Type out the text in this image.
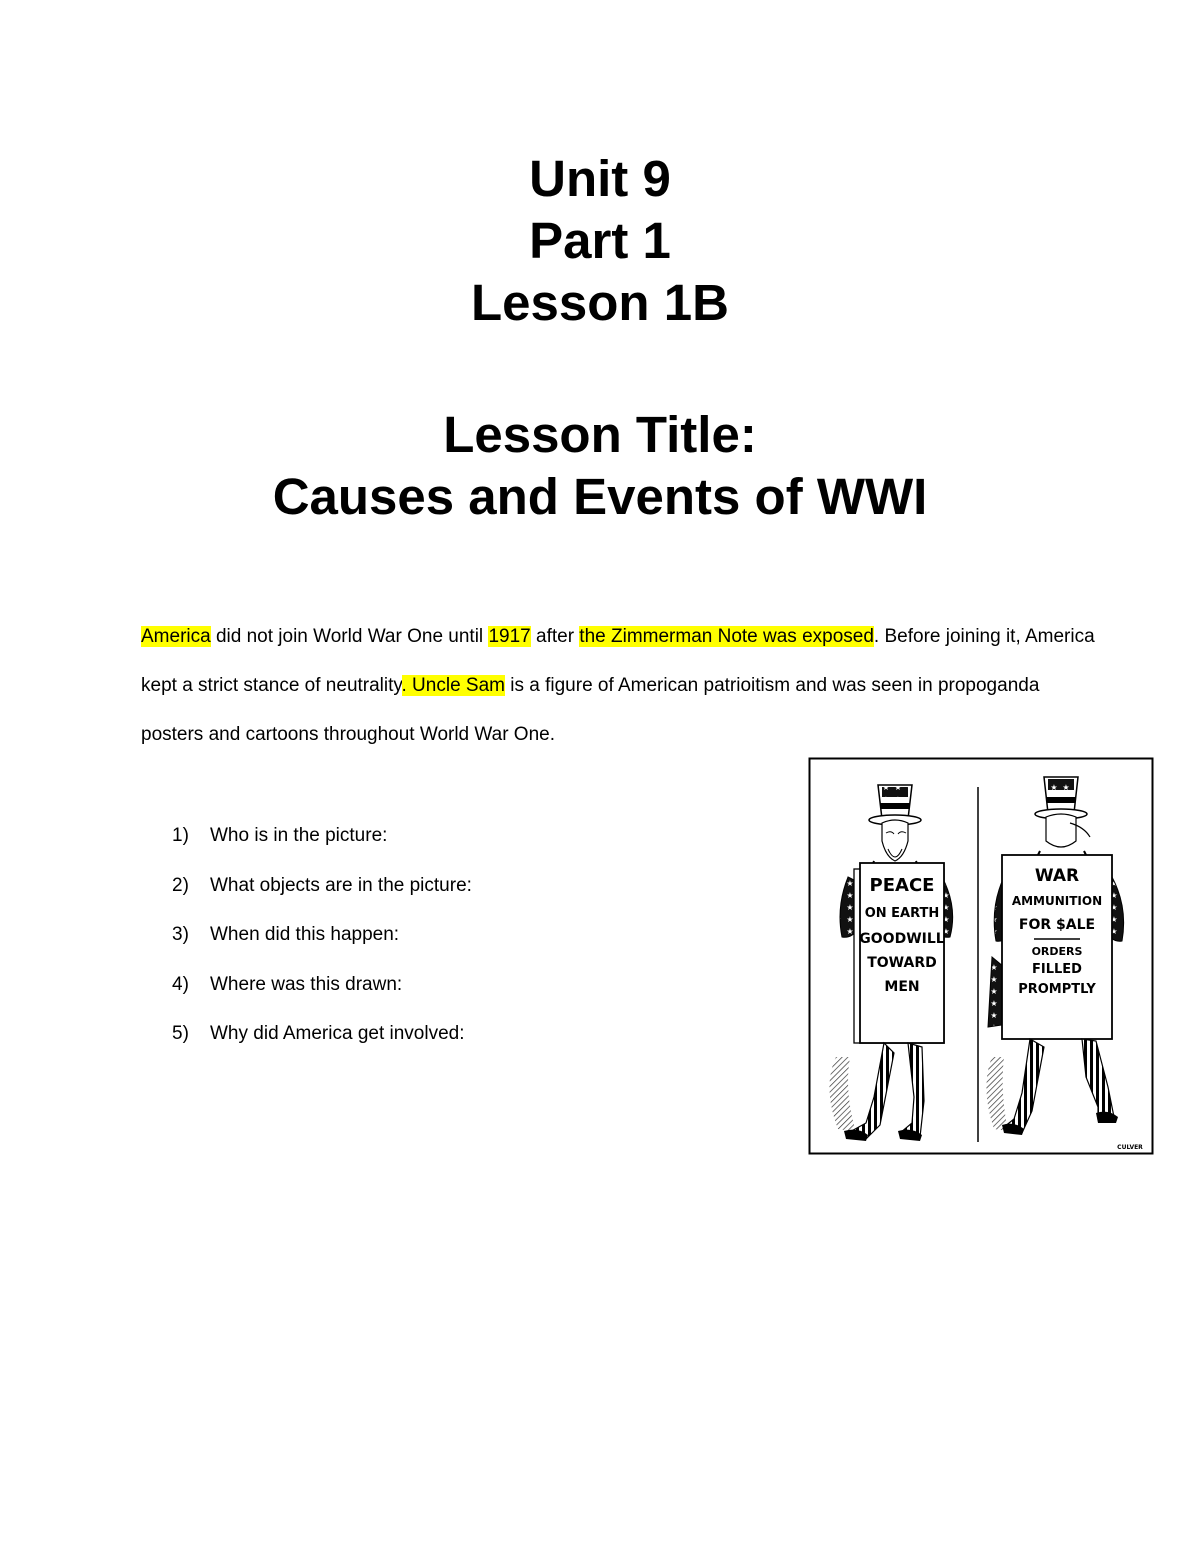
Unit 9
Part 1
Lesson 1B
Lesson Title:
Causes and Events of WWI

America did not join World War One until 1917 after the Zimmerman Note was exposed. Before joining it, America kept a strict stance of neutrality. Uncle Sam is a figure of American patrioitism and was seen in propoganda posters and cartoons throughout World War One.

1)	Who is in the picture:
2)	What objects are in the picture:
3)	When did this happen:
4)	Where was this drawn:
5)	Why did America get involved:
PEACE
ON EARTH
GOODWILL
TOWARD
MEN
WAR
AMMUNITION
FOR $ALE
ORDERS
FILLED
PROMPTLY
CULVER
